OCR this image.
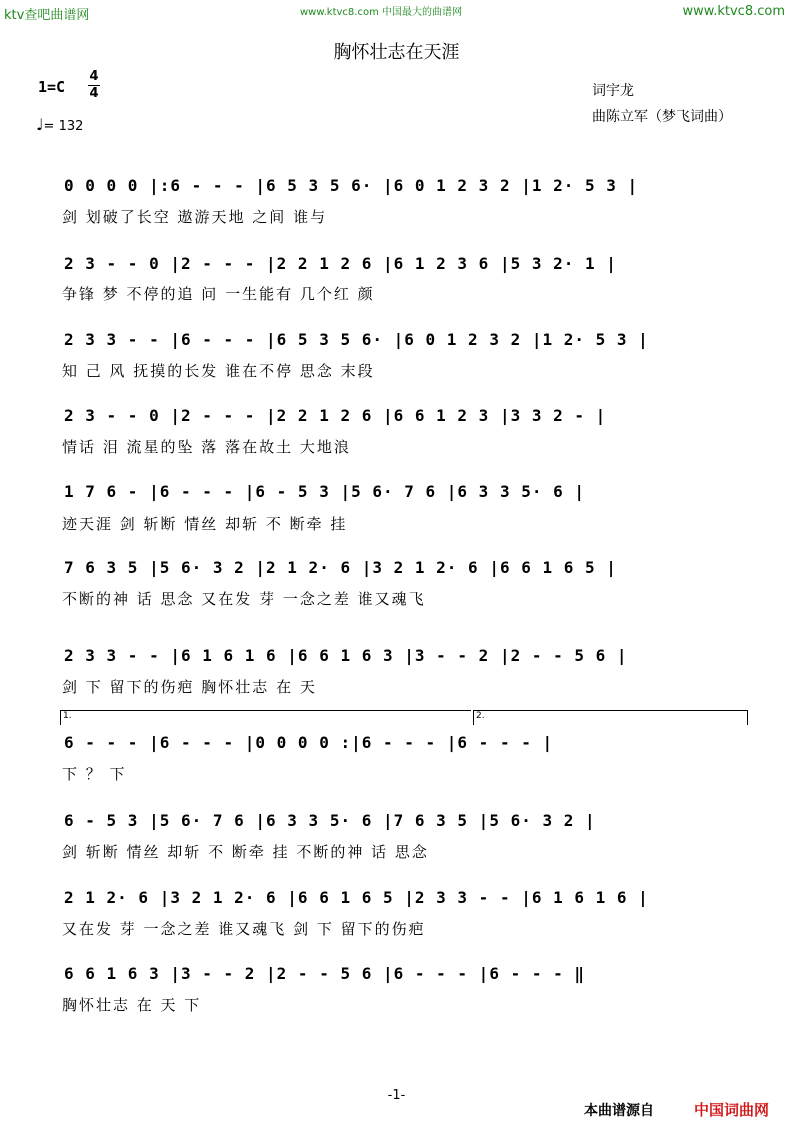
ktv查吧曲谱网	www.ktvc8.com 中国最大的曲谱网	www.ktvc8.com
胸怀壮志在天涯
1=C
4
4
♩= 132
词宇龙
曲陈立军（梦飞词曲）
0 0 0 0 |:6 - - - |6 5 3 5 6· |6 0 1 2 3 2 |1 2· 5 3 |
剑 划破了长空 遨游天地 之间 谁与
2 3 - - 0 |2 - - - |2 2 1 2 6 |6 1 2 3 6 |5 3 2· 1 |
争锋 梦 不停的追 问 一生能有 几个红 颜
2 3 3 - - |6 - - - |6 5 3 5 6· |6 0 1 2 3 2 |1 2· 5 3 |
知 己 风 抚摸的长发 谁在不停 思念 末段
2 3 - - 0 |2 - - - |2 2 1 2 6 |6 6 1 2 3 |3 3 2 - |
情话 泪 流星的坠 落 落在故土 大地浪
1 7 6 - |6 - - - |6 - 5 3 |5 6· 7 6 |6 3 3 5· 6 |
迹天涯 剑 斩断 情丝 却斩 不 断牵 挂
7 6 3 5 |5 6· 3 2 |2 1 2· 6 |3 2 1 2· 6 |6 6 1 6 5 |
不断的神 话 思念 又在发 芽 一念之差 谁又魂飞
2 3 3 - - |6 1 6 1 6 |6 6 1 6 3 |3 - - 2 |2 - - 5 6 |
剑 下 留下的伤疤 胸怀壮志 在 天
1.	2.
6 - - - |6 - - - |0 0 0 0 :|6 - - - |6 - - - |
下 ？ 下
6 - 5 3 |5 6· 7 6 |6 3 3 5· 6 |7 6 3 5 |5 6· 3 2 |
剑 斩断 情丝 却斩 不 断牵 挂 不断的神 话 思念
2 1 2· 6 |3 2 1 2· 6 |6 6 1 6 5 |2 3 3 - - |6 1 6 1 6 |
又在发 芽 一念之差 谁又魂飞 剑 下 留下的伤疤
6 6 1 6 3 |3 - - 2 |2 - - 5 6 |6 - - - |6 - - - ‖
胸怀壮志 在 天 下
-1-
本曲谱源自	中国词曲网
